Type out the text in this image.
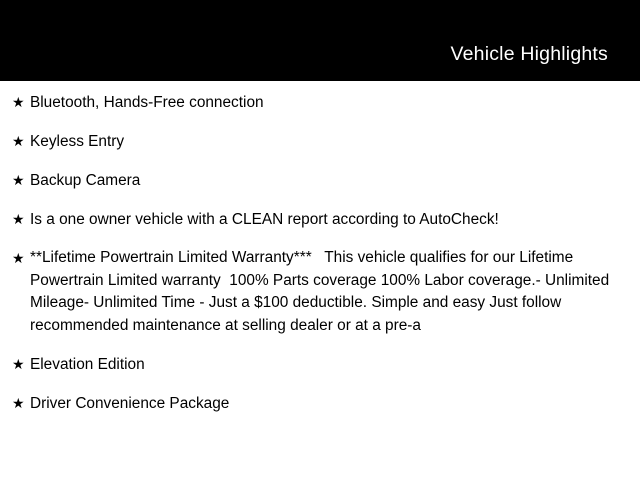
Vehicle Highlights
★ Bluetooth, Hands-Free connection
★ Keyless Entry
★ Backup Camera
★ Is a one owner vehicle with a CLEAN report according to AutoCheck!
★ **Lifetime Powertrain Limited Warranty***   This vehicle qualifies for our Lifetime Powertrain Limited warranty  100% Parts coverage 100% Labor coverage.- Unlimited Mileage- Unlimited Time - Just a $100 deductible. Simple and easy Just follow recommended maintenance at selling dealer or at a pre-a
★ Elevation Edition
★ Driver Convenience Package
